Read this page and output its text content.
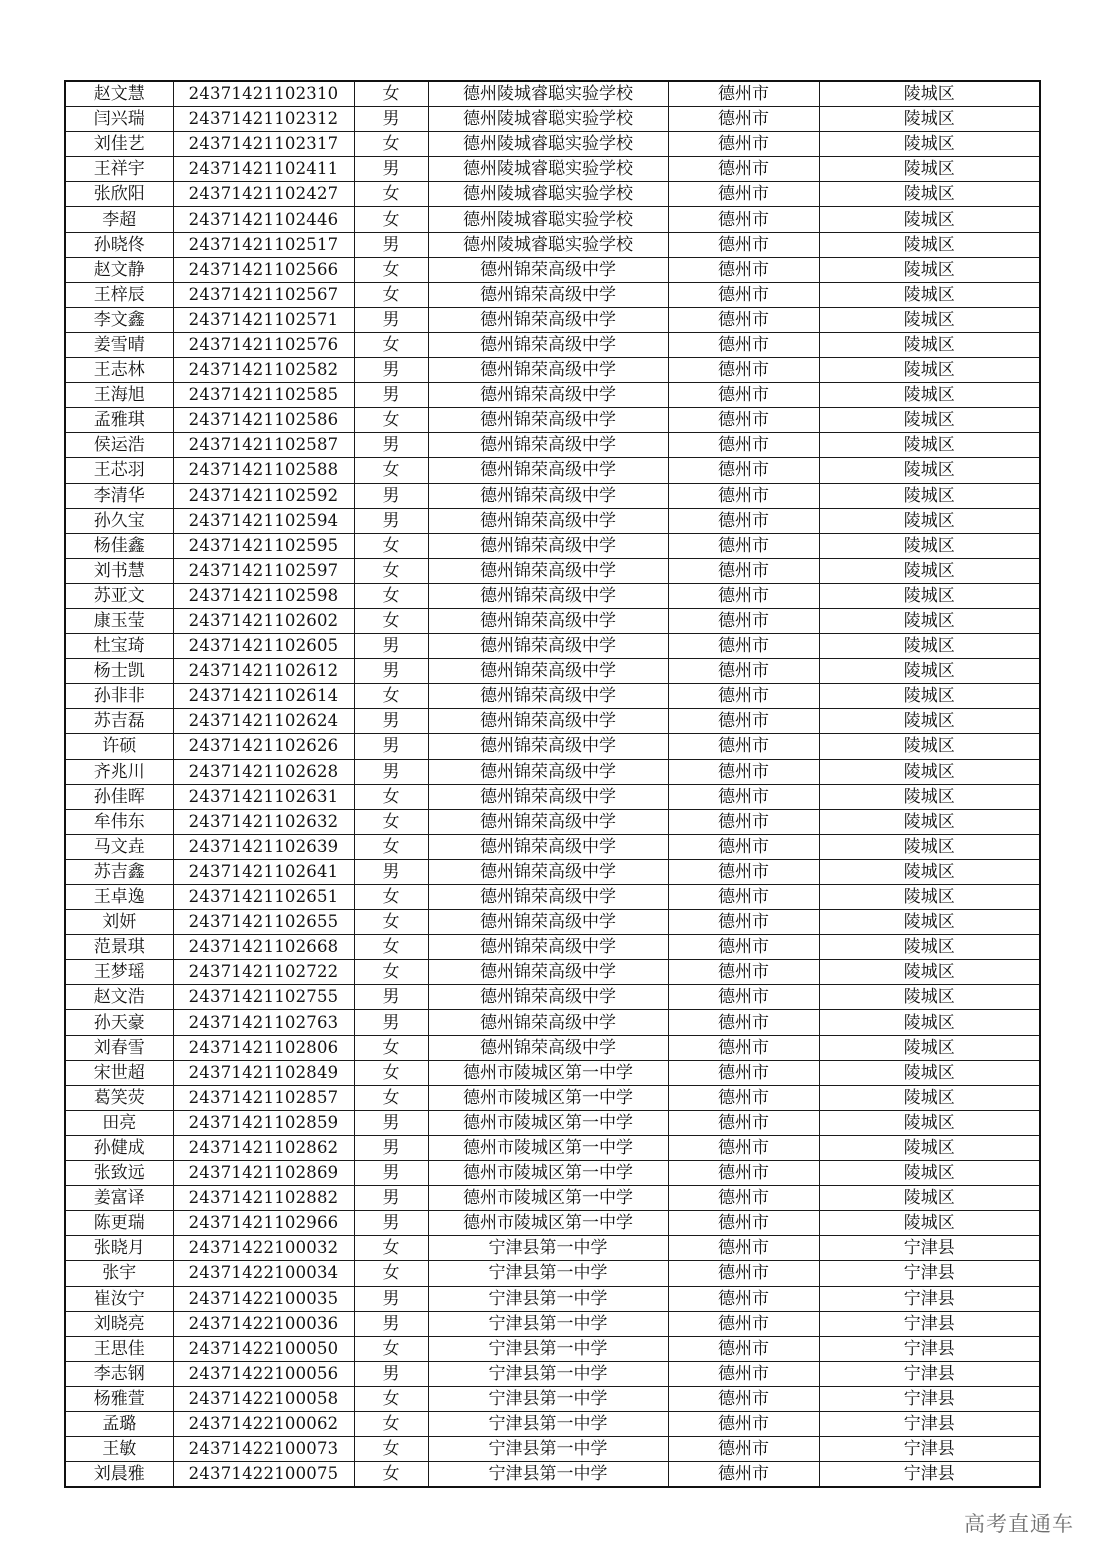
赵文慧	24371421102310	女	德州陵城睿聪实验学校	德州市	陵城区
闫兴瑞	24371421102312	男	德州陵城睿聪实验学校	德州市	陵城区
刘佳艺	24371421102317	女	德州陵城睿聪实验学校	德州市	陵城区
王祥宇	24371421102411	男	德州陵城睿聪实验学校	德州市	陵城区
张欣阳	24371421102427	女	德州陵城睿聪实验学校	德州市	陵城区
李超	24371421102446	女	德州陵城睿聪实验学校	德州市	陵城区
孙晓佟	24371421102517	男	德州陵城睿聪实验学校	德州市	陵城区
赵文静	24371421102566	女	德州锦荣高级中学	德州市	陵城区
王梓辰	24371421102567	女	德州锦荣高级中学	德州市	陵城区
李文鑫	24371421102571	男	德州锦荣高级中学	德州市	陵城区
姜雪晴	24371421102576	女	德州锦荣高级中学	德州市	陵城区
王志林	24371421102582	男	德州锦荣高级中学	德州市	陵城区
王海旭	24371421102585	男	德州锦荣高级中学	德州市	陵城区
孟雅琪	24371421102586	女	德州锦荣高级中学	德州市	陵城区
侯运浩	24371421102587	男	德州锦荣高级中学	德州市	陵城区
王芯羽	24371421102588	女	德州锦荣高级中学	德州市	陵城区
李清华	24371421102592	男	德州锦荣高级中学	德州市	陵城区
孙久宝	24371421102594	男	德州锦荣高级中学	德州市	陵城区
杨佳鑫	24371421102595	女	德州锦荣高级中学	德州市	陵城区
刘书慧	24371421102597	女	德州锦荣高级中学	德州市	陵城区
苏亚文	24371421102598	女	德州锦荣高级中学	德州市	陵城区
康玉莹	24371421102602	女	德州锦荣高级中学	德州市	陵城区
杜宝琦	24371421102605	男	德州锦荣高级中学	德州市	陵城区
杨士凯	24371421102612	男	德州锦荣高级中学	德州市	陵城区
孙非非	24371421102614	女	德州锦荣高级中学	德州市	陵城区
苏吉磊	24371421102624	男	德州锦荣高级中学	德州市	陵城区
许硕	24371421102626	男	德州锦荣高级中学	德州市	陵城区
齐兆川	24371421102628	男	德州锦荣高级中学	德州市	陵城区
孙佳晖	24371421102631	女	德州锦荣高级中学	德州市	陵城区
牟伟东	24371421102632	女	德州锦荣高级中学	德州市	陵城区
马文垚	24371421102639	女	德州锦荣高级中学	德州市	陵城区
苏吉鑫	24371421102641	男	德州锦荣高级中学	德州市	陵城区
王卓逸	24371421102651	女	德州锦荣高级中学	德州市	陵城区
刘妍	24371421102655	女	德州锦荣高级中学	德州市	陵城区
范景琪	24371421102668	女	德州锦荣高级中学	德州市	陵城区
王梦瑶	24371421102722	女	德州锦荣高级中学	德州市	陵城区
赵文浩	24371421102755	男	德州锦荣高级中学	德州市	陵城区
孙天豪	24371421102763	男	德州锦荣高级中学	德州市	陵城区
刘春雪	24371421102806	女	德州锦荣高级中学	德州市	陵城区
宋世超	24371421102849	女	德州市陵城区第一中学	德州市	陵城区
葛笑荧	24371421102857	女	德州市陵城区第一中学	德州市	陵城区
田亮	24371421102859	男	德州市陵城区第一中学	德州市	陵城区
孙健成	24371421102862	男	德州市陵城区第一中学	德州市	陵城区
张致远	24371421102869	男	德州市陵城区第一中学	德州市	陵城区
姜富译	24371421102882	男	德州市陵城区第一中学	德州市	陵城区
陈更瑞	24371421102966	男	德州市陵城区第一中学	德州市	陵城区
张晓月	24371422100032	女	宁津县第一中学	德州市	宁津县
张宇	24371422100034	女	宁津县第一中学	德州市	宁津县
崔汝宁	24371422100035	男	宁津县第一中学	德州市	宁津县
刘晓亮	24371422100036	男	宁津县第一中学	德州市	宁津县
王思佳	24371422100050	女	宁津县第一中学	德州市	宁津县
李志钢	24371422100056	男	宁津县第一中学	德州市	宁津县
杨雅萱	24371422100058	女	宁津县第一中学	德州市	宁津县
孟璐	24371422100062	女	宁津县第一中学	德州市	宁津县
王敏	24371422100073	女	宁津县第一中学	德州市	宁津县
刘晨雅	24371422100075	女	宁津县第一中学	德州市	宁津县
高考直通车
